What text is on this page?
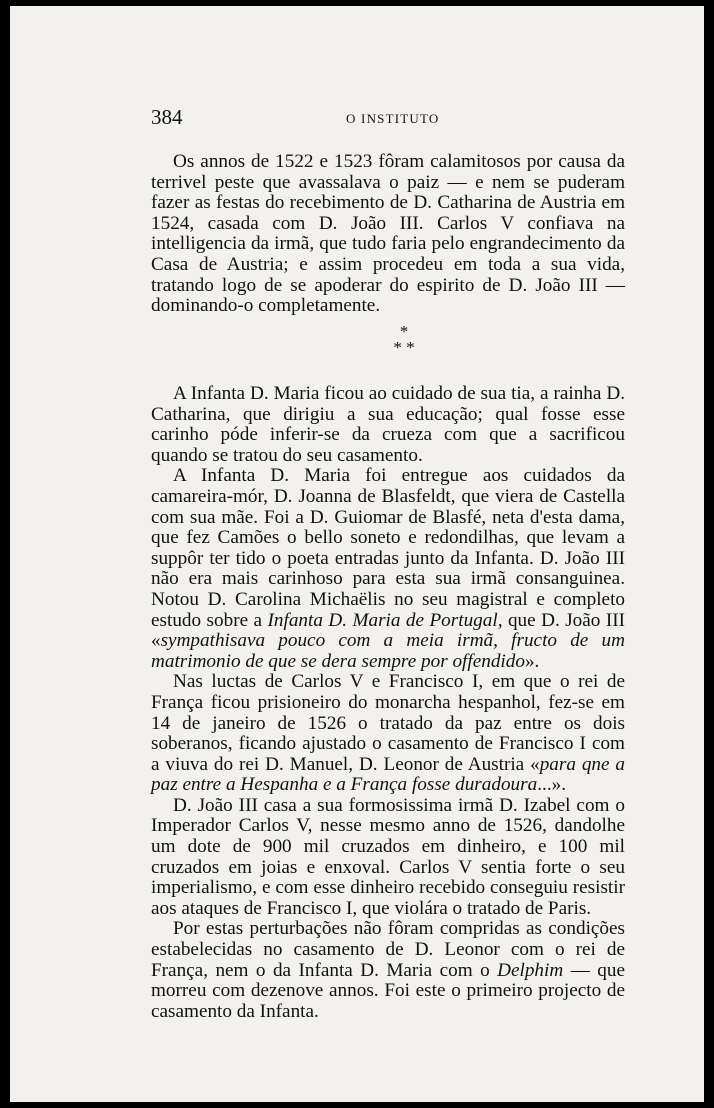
384	O INSTITUTO

Os annos de 1522 e 1523 fôram calamitosos por causa da terrivel peste que avassalava o paiz — e nem se puderam fazer as festas do recebimento de D. Catharina de Austria em 1524, casada com D. João III. Carlos V confiava na intelligencia da irmã, que tudo faria pelo engrandecimento da Casa de Austria; e assim procedeu em toda a sua vida, tratando logo de se apoderar do espirito de D. João III — dominando-o completamente.

*
* *

A Infanta D. Maria ficou ao cuidado de sua tia, a rainha D. Catharina, que dirigiu a sua educação; qual fosse esse carinho póde inferir-se da crueza com que a sacrificou quando se tratou do seu casamento.

A Infanta D. Maria foi entregue aos cuidados da camareira-mór, D. Joanna de Blasfeldt, que viera de Castella com sua mãe. Foi a D. Guiomar de Blasfé, neta d'esta dama, que fez Camões o bello soneto e redondilhas, que levam a suppôr ter tido o poeta entradas junto da Infanta. D. João III não era mais carinhoso para esta sua irmã consanguinea. Notou D. Carolina Michaëlis no seu magistral e completo estudo sobre a Infanta D. Maria de Portugal, que D. João III «sympathisava pouco com a meia irmã, fructo de um matrimonio de que se dera sempre por offendido».

Nas luctas de Carlos V e Francisco I, em que o rei de França ficou prisioneiro do monarcha hespanhol, fez-se em 14 de janeiro de 1526 o tratado da paz entre os dois soberanos, ficando ajustado o casamento de Francisco I com a viuva do rei D. Manuel, D. Leonor de Austria «para qne a paz entre a Hespanha e a França fosse duradoura...».

D. João III casa a sua formosissima irmã D. Izabel com o Imperador Carlos V, nesse mesmo anno de 1526, dandolhe um dote de 900 mil cruzados em dinheiro, e 100 mil cruzados em joias e enxoval. Carlos V sentia forte o seu imperialismo, e com esse dinheiro recebido conseguiu resistir aos ataques de Francisco I, que violára o tratado de Paris.

Por estas perturbações não fôram compridas as condições estabelecidas no casamento de D. Leonor com o rei de França, nem o da Infanta D. Maria com o Delphim — que morreu com dezenove annos. Foi este o primeiro projecto de casamento da Infanta.
